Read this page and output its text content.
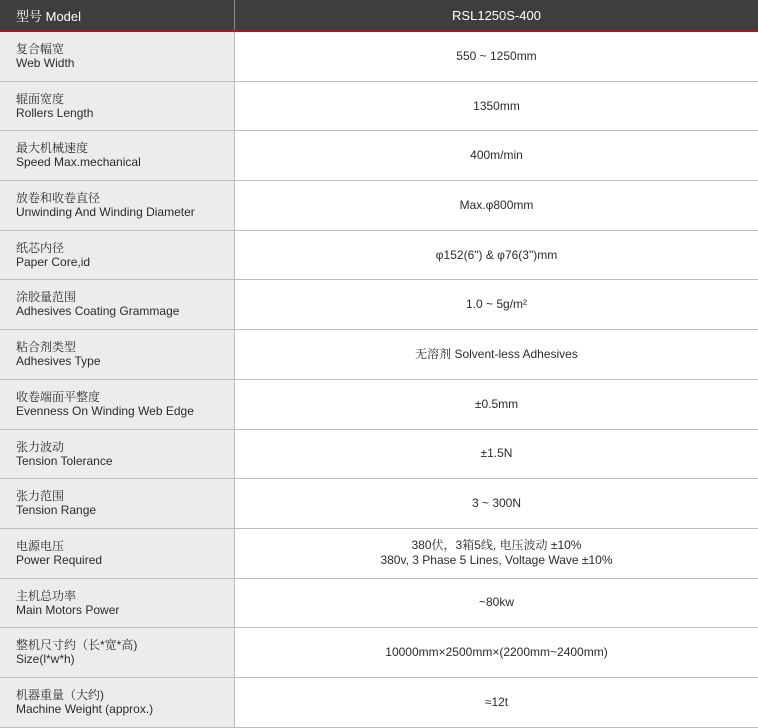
型号 Model	RSL1250S-400
复合幅宽
Web Width
550 ~ 1250mm
辊面宽度
Rollers Length
1350mm
最大机械速度
Speed Max.mechanical
400m/min
放卷和收卷直径
Unwinding And Winding Diameter
Max.φ800mm
纸芯内径
Paper Core,id
φ152(6") & φ76(3")mm
涂胶量范围
Adhesives Coating Grammage
1.0 ~ 5g/m²
粘合剂类型
Adhesives Type
无溶剂 Solvent-less Adhesives
收卷端面平整度
Evenness On Winding Web Edge
±0.5mm
张力波动
Tension Tolerance
±1.5N
张力范围
Tension Range
3 ~ 300N
电源电压
Power Required
380伏，3箱5线, 电压波动 ±10%
380v, 3 Phase 5 Lines, Voltage Wave ±10%
主机总功率
Main Motors Power
~80kw
整机尺寸约（长*宽*高)
Size(l*w*h)
10000mm×2500mm×(2200mm~2400mm)
机器重量（大约)
Machine Weight (approx.)
≈12t
